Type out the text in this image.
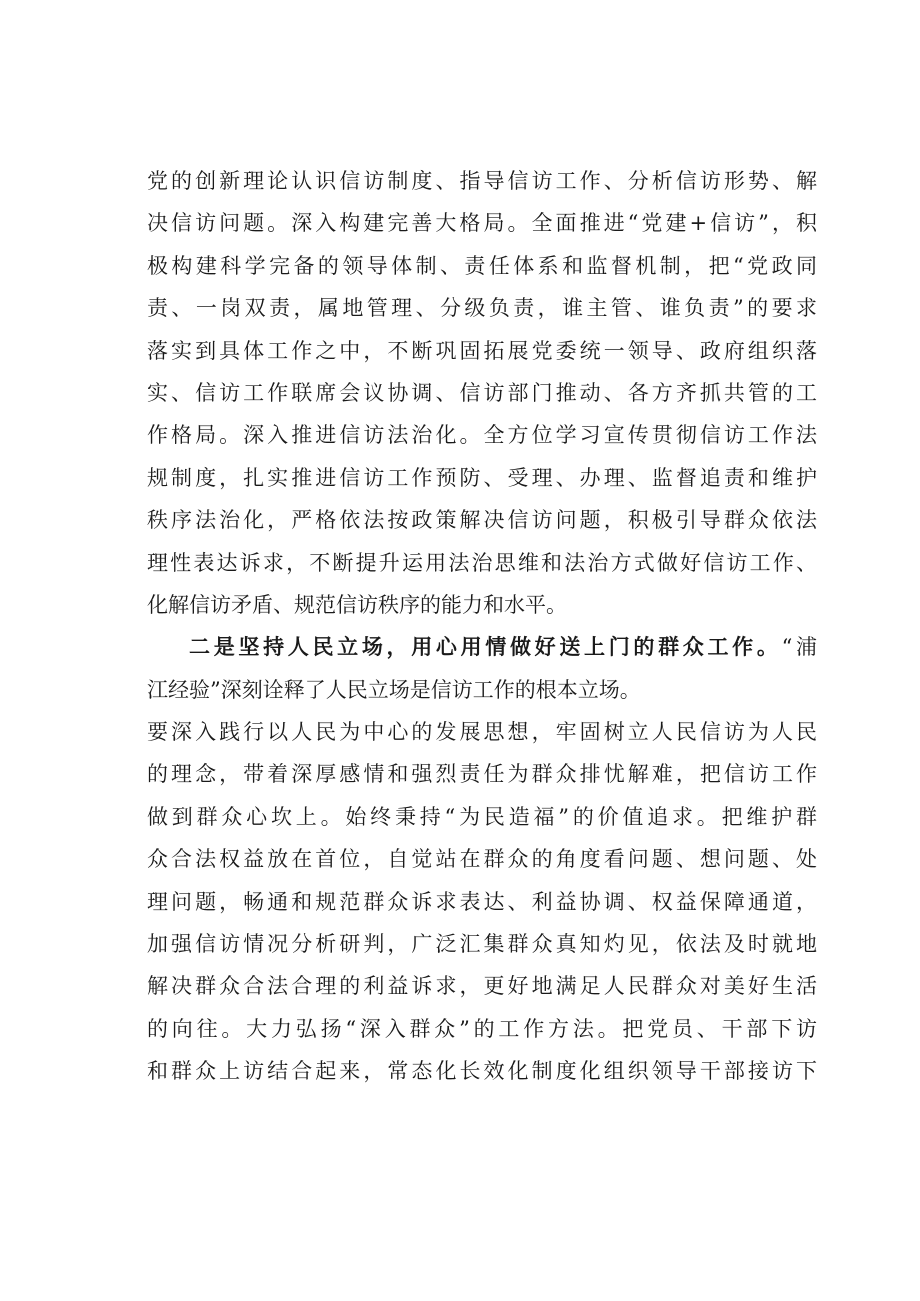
党的创新理论认识信访制度、指导信访工作、分析信访形势、解
决信访问题。深入构建完善大格局。全面推进“党建+信访”，积
极构建科学完备的领导体制、责任体系和监督机制，把“党政同
责、一岗双责，属地管理、分级负责，谁主管、谁负责”的要求
落实到具体工作之中，不断巩固拓展党委统一领导、政府组织落
实、信访工作联席会议协调、信访部门推动、各方齐抓共管的工
作格局。深入推进信访法治化。全方位学习宣传贯彻信访工作法
规制度，扎实推进信访工作预防、受理、办理、监督追责和维护
秩序法治化，严格依法按政策解决信访问题，积极引导群众依法
理性表达诉求，不断提升运用法治思维和法治方式做好信访工作、
化解信访矛盾、规范信访秩序的能力和水平。
二是坚持人民立场，用心用情做好送上门的群众工作。“浦
江经验”深刻诠释了人民立场是信访工作的根本立场。
要深入践行以人民为中心的发展思想，牢固树立人民信访为人民
的理念，带着深厚感情和强烈责任为群众排忧解难，把信访工作
做到群众心坎上。始终秉持“为民造福”的价值追求。把维护群
众合法权益放在首位，自觉站在群众的角度看问题、想问题、处
理问题，畅通和规范群众诉求表达、利益协调、权益保障通道，
加强信访情况分析研判，广泛汇集群众真知灼见，依法及时就地
解决群众合法合理的利益诉求，更好地满足人民群众对美好生活
的向往。大力弘扬“深入群众”的工作方法。把党员、干部下访
和群众上访结合起来，常态化长效化制度化组织领导干部接访下
